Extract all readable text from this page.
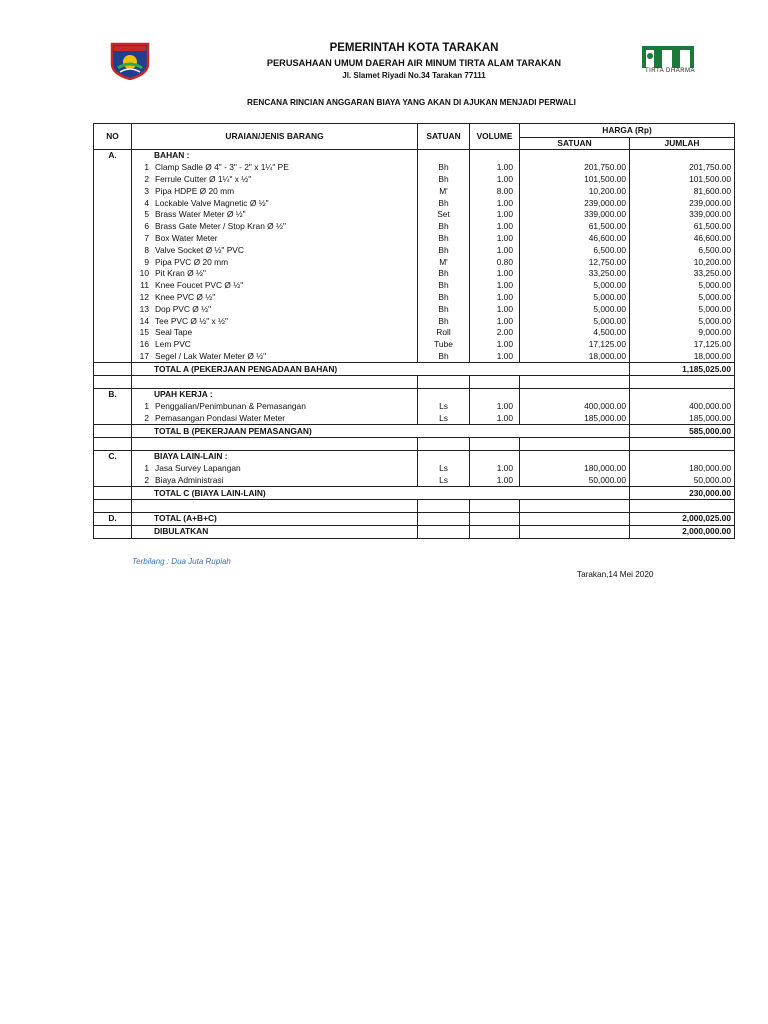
PEMERINTAH KOTA TARAKAN
PERUSAHAAN UMUM DAERAH AIR MINUM TIRTA ALAM TARAKAN
Jl. Slamet Riyadi No.34 Tarakan 77111	TIRTA DHARMA
RENCANA RINCIAN ANGGARAN BIAYA YANG AKAN DI AJUKAN MENJADI PERWALI
NO	URAIAN/JENIS BARANG	SATUAN	VOLUME	HARGA (Rp)	
				SATUAN	JUMLAH
A.	BAHAN :				
	1 Clamp Sadle Ø 4" - 3" - 2" x 1¼" PE	Bh	1.00	201,750.00	201,750.00
	2 Ferrule Cutter Ø 1¼" x ½"	Bh	1.00	101,500.00	101,500.00
	3 Pipa HDPE Ø 20 mm	M'	8.00	10,200.00	81,600.00
	4 Lockable Valve Magnetic Ø ½"	Bh	1.00	239,000.00	239,000.00
	5 Brass Water Meter Ø ½"	Set	1.00	339,000.00	339,000.00
	6 Brass Gate Meter / Stop Kran Ø ½"	Bh	1.00	61,500.00	61,500.00
	7 Box Water Meter	Bh	1.00	46,600.00	46,600.00
	8 Valve Socket Ø ½" PVC	Bh	1.00	6,500.00	6,500.00
	9 Pipa PVC Ø 20 mm	M'	0.80	12,750.00	10,200.00
	10 Pit Kran Ø ½"	Bh	1.00	33,250.00	33,250.00
	11 Knee Foucet PVC Ø ½"	Bh	1.00	5,000.00	5,000.00
	12 Knee PVC Ø ½"	Bh	1.00	5,000.00	5,000.00
	13 Dop PVC Ø ½"	Bh	1.00	5,000.00	5,000.00
	14 Tee PVC Ø ½" x ½"	Bh	1.00	5,000.00	5,000.00
	15 Seal Tape	Roll	2.00	4,500.00	9,000.00
	16 Lem PVC	Tube	1.00	17,125.00	17,125.00
	17 Segel / Lak Water Meter Ø ½"	Bh	1.00	18,000.00	18,000.00
	TOTAL A (PEKERJAAN PENGADAAN BAHAN)				1,185,025.00

B.	UPAH KERJA :				
	1 Penggalian/Penimbunan & Pemasangan	Ls	1.00	400,000.00	400,000.00
	2 Pemasangan Pondasi Water Meter	Ls	1.00	185,000.00	185,000.00
	TOTAL B (PEKERJAAN PEMASANGAN)				585,000.00

C.	BIAYA LAIN-LAIN :				
	1 Jasa Survey Lapangan	Ls	1.00	180,000.00	180,000.00
	2 Biaya Administrasi	Ls	1.00	50,000.00	50,000.00
	TOTAL C (BIAYA LAIN-LAIN)				230,000.00

D.	TOTAL (A+B+C)				2,000,025.00
	DIBULATKAN				2,000,000.00
Terbilang : Dua Juta Rupiah
Tarakan,14 Mei 2020
